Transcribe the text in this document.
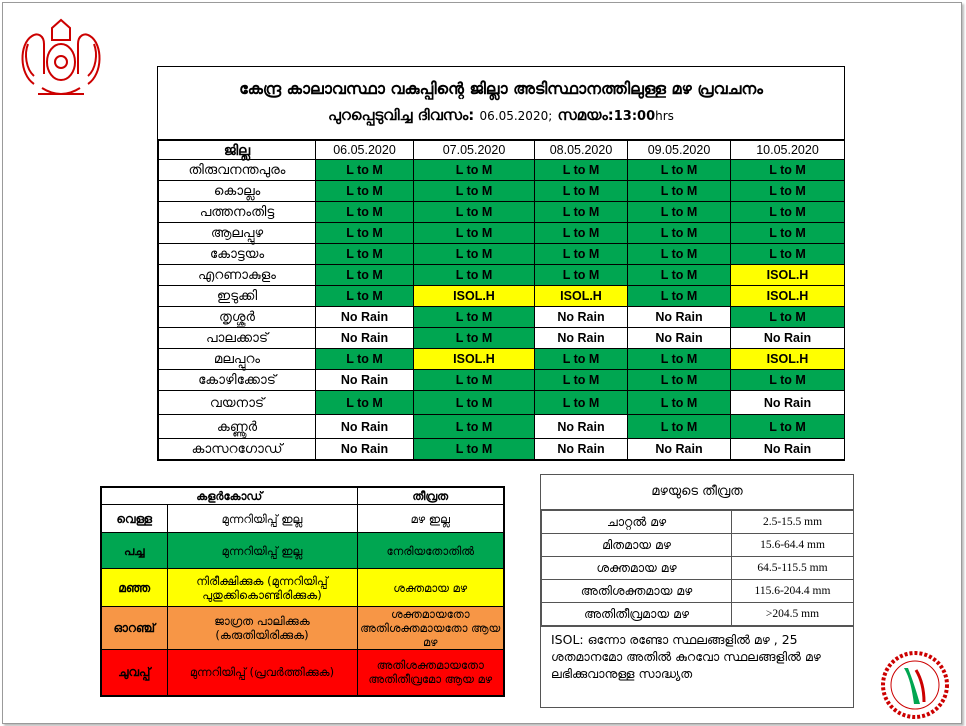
കേന്ദ്ര കാലാവസ്ഥാ വകുപ്പിന്റെ ജില്ലാ അടിസ്ഥാനത്തിലുള്ള മഴ പ്രവചനം
പുറപ്പെടുവിച്ച ദിവസം: 06.05.2020; സമയം:13:00hrs
ജില്ല	06.05.2020	07.05.2020	08.05.2020	09.05.2020	10.05.2020
തിരുവനന്തപുരം	L to M	L to M	L to M	L to M	L to M
കൊല്ലം	L to M	L to M	L to M	L to M	L to M
പത്തനംതിട്ട	L to M	L to M	L to M	L to M	L to M
ആലപ്പുഴ	L to M	L to M	L to M	L to M	L to M
കോട്ടയം	L to M	L to M	L to M	L to M	L to M
എറണാകുളം	L to M	L to M	L to M	L to M	ISOL.H
ഇടുക്കി	L to M	ISOL.H	ISOL.H	L to M	ISOL.H
തൃശ്ശൂർ	No Rain	L to M	No Rain	No Rain	L to M
പാലക്കാട്	No Rain	L to M	No Rain	No Rain	No Rain
മലപ്പുറം	L to M	ISOL.H	L to M	L to M	ISOL.H
കോഴിക്കോട്	No Rain	L to M	L to M	L to M	L to M
വയനാട്	L to M	L to M	L to M	L to M	No Rain
കണ്ണൂർ	No Rain	L to M	No Rain	L to M	L to M
കാസറഗോഡ്	No Rain	L to M	No Rain	No Rain	No Rain
കളർകോഡ്		തീവ്രത
വെള്ള	മുന്നറിയിപ്പ് ഇല്ല	മഴ ഇല്ല
പച്ച	മുന്നറിയിപ്പ് ഇല്ല	നേരിയതോതിൽ
മഞ്ഞ	നിരീക്ഷിക്കുക (മുന്നറിയിപ്പ് പുതുക്കികൊണ്ടിരിക്കുക)	ശക്തമായ മഴ
ഓറഞ്ച്	ജാഗ്രത പാലിക്കുക (കരുതിയിരിക്കുക)	ശക്തമായതോ അതിശക്തമായതോ ആയ മഴ
ചുവപ്പ്	മുന്നറിയിപ്പ് (പ്രവർത്തിക്കുക)	അതിശക്തമായതോ അതിതീവ്രമോ ആയ മഴ
മഴയുടെ തീവ്രത
ചാറ്റൽ മഴ	2.5-15.5 mm
മിതമായ മഴ	15.6-64.4 mm
ശക്തമായ മഴ	64.5-115.5 mm
അതിശക്തമായ മഴ	115.6-204.4 mm
അതിതീവ്രമായ മഴ	>204.5 mm
ISOL: ഒന്നോ രണ്ടോ സ്ഥലങ്ങളിൽ മഴ , 25 ശതമാനമോ അതിൽ കുറവോ സ്ഥലങ്ങളിൽ മഴ ലഭിക്കുവാനുള്ള സാദ്ധ്യത
